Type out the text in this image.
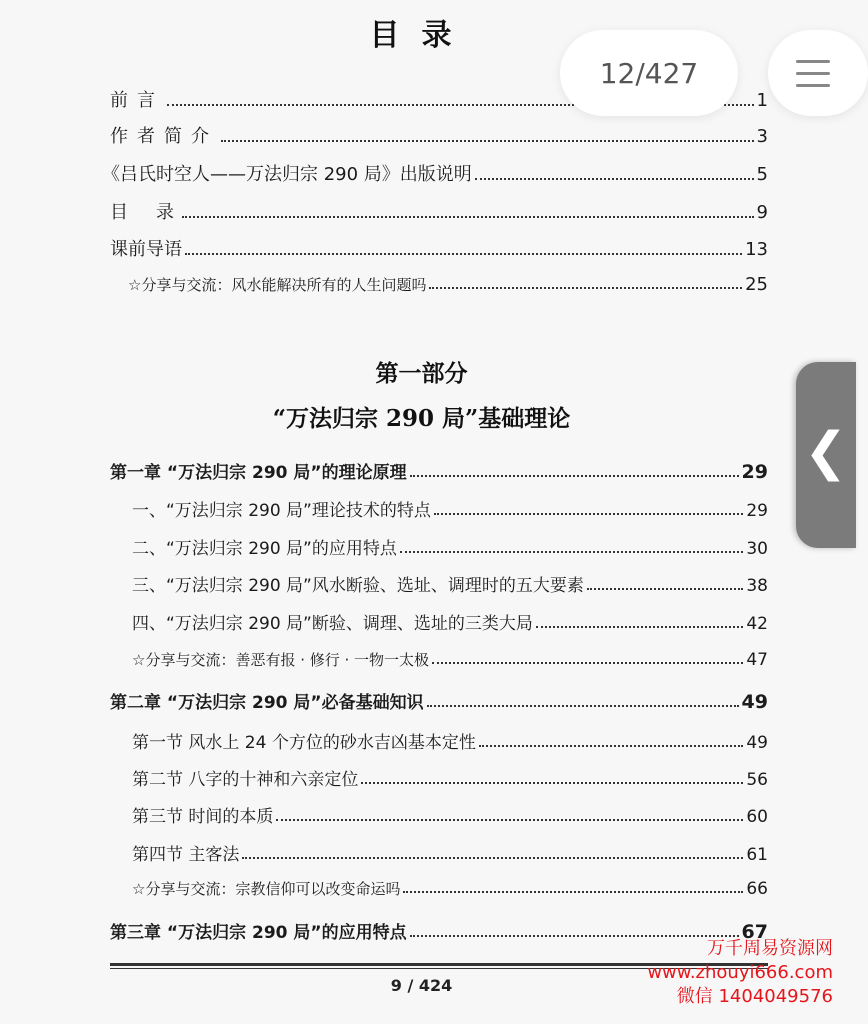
目录
前言	1
作者简介	3
《吕氏时空人——万法归宗 290 局》出版说明	5
目录	9
课前导语	13
☆分享与交流：风水能解决所有的人生问题吗	25
第一部分
“万法归宗 290 局”基础理论
第一章 “万法归宗 290 局”的理论原理	29
一、“万法归宗 290 局”理论技术的特点	29
二、“万法归宗 290 局”的应用特点	30
三、“万法归宗 290 局”风水断验、选址、调理时的五大要素	38
四、“万法归宗 290 局”断验、调理、选址的三类大局	42
☆分享与交流：善恶有报 · 修行 · 一物一太极	47
第二章 “万法归宗 290 局”必备基础知识	49
第一节 风水上 24 个方位的砂水吉凶基本定性	49
第二节 八字的十神和六亲定位	56
第三节 时间的本质	60
第四节 主客法	61
☆分享与交流：宗教信仰可以改变命运吗	66
第三章 “万法归宗 290 局”的应用特点	67
9 / 424
万千周易资源网
www.zhouyi666.com
微信 1404049576
12/427
❮
